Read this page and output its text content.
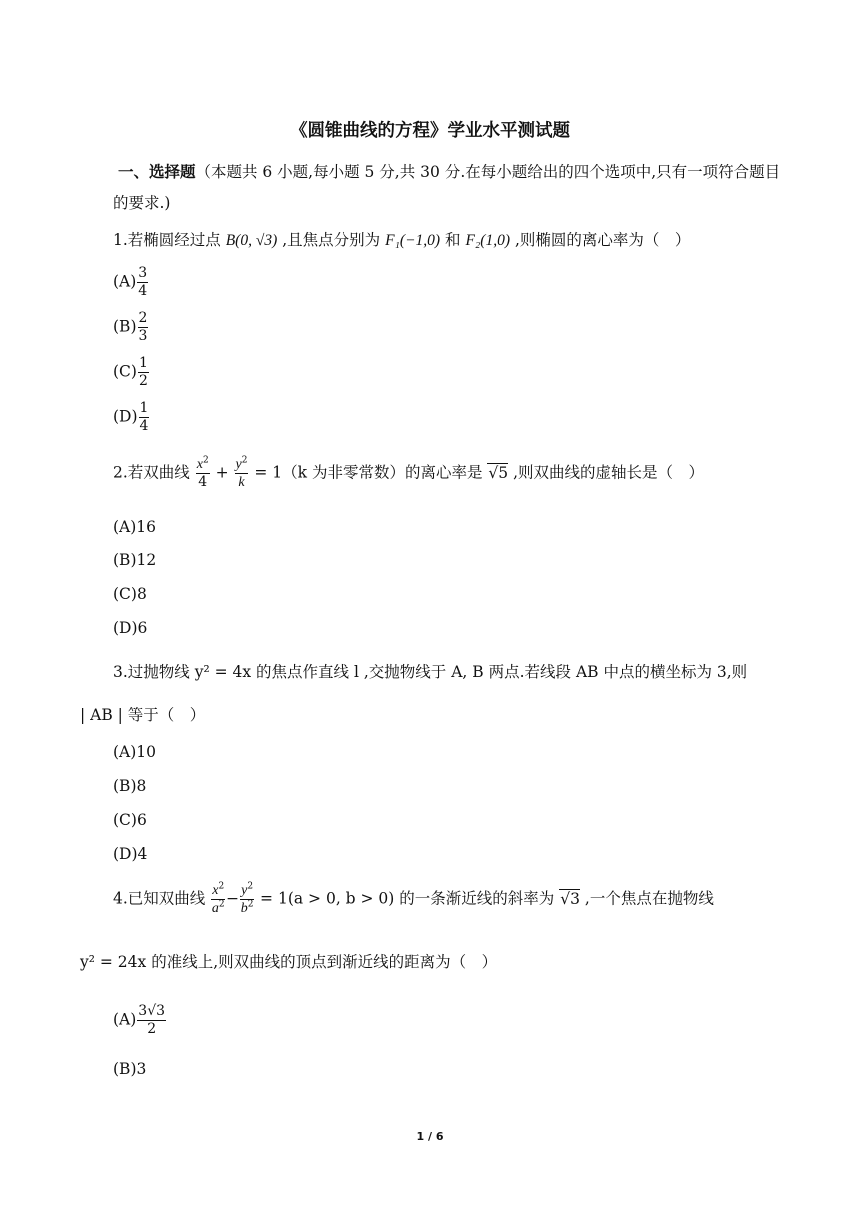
《圆锥曲线的方程》学业水平测试题
一、选择题（本题共 6 小题,每小题 5 分,共 30 分.在每小题给出的四个选项中,只有一项符合题目的要求.)
1.若椭圆经过点 B(0, √3) ,且焦点分别为 F₁(−1,0) 和 F₂(1,0) ,则椭圆的离心率为（　）
$(A) \frac{3}{4}$
$(B) \frac{2}{3}$
$(C) \frac{1}{2}$
$(D) \frac{1}{4}$
2.若双曲线 $\frac{x^2}{4} + \frac{y^2}{k} = 1(k$ 为非零常数）的离心率是 √5 ,则双曲线的虚轴长是（　）
(A)16
(B)12
(C)8
(D)6
3.过抛物线 y² = 4x 的焦点作直线 l ,交抛物线于 A, B 两点.若线段 AB 中点的横坐标为 3,则
| AB | 等于（　）
(A)10
(B)8
(C)6
(D)4
4.已知双曲线 $\frac{x^2}{a^2} - \frac{y^2}{b^2} = 1(a > 0$, b > 0) 的一条渐近线的斜率为 √3 ,一个焦点在抛物线
y² = 24x 的准线上,则双曲线的顶点到渐近线的距离为（　）
$(A) \frac{3√3}{2}$
(B)3
1 / 6
